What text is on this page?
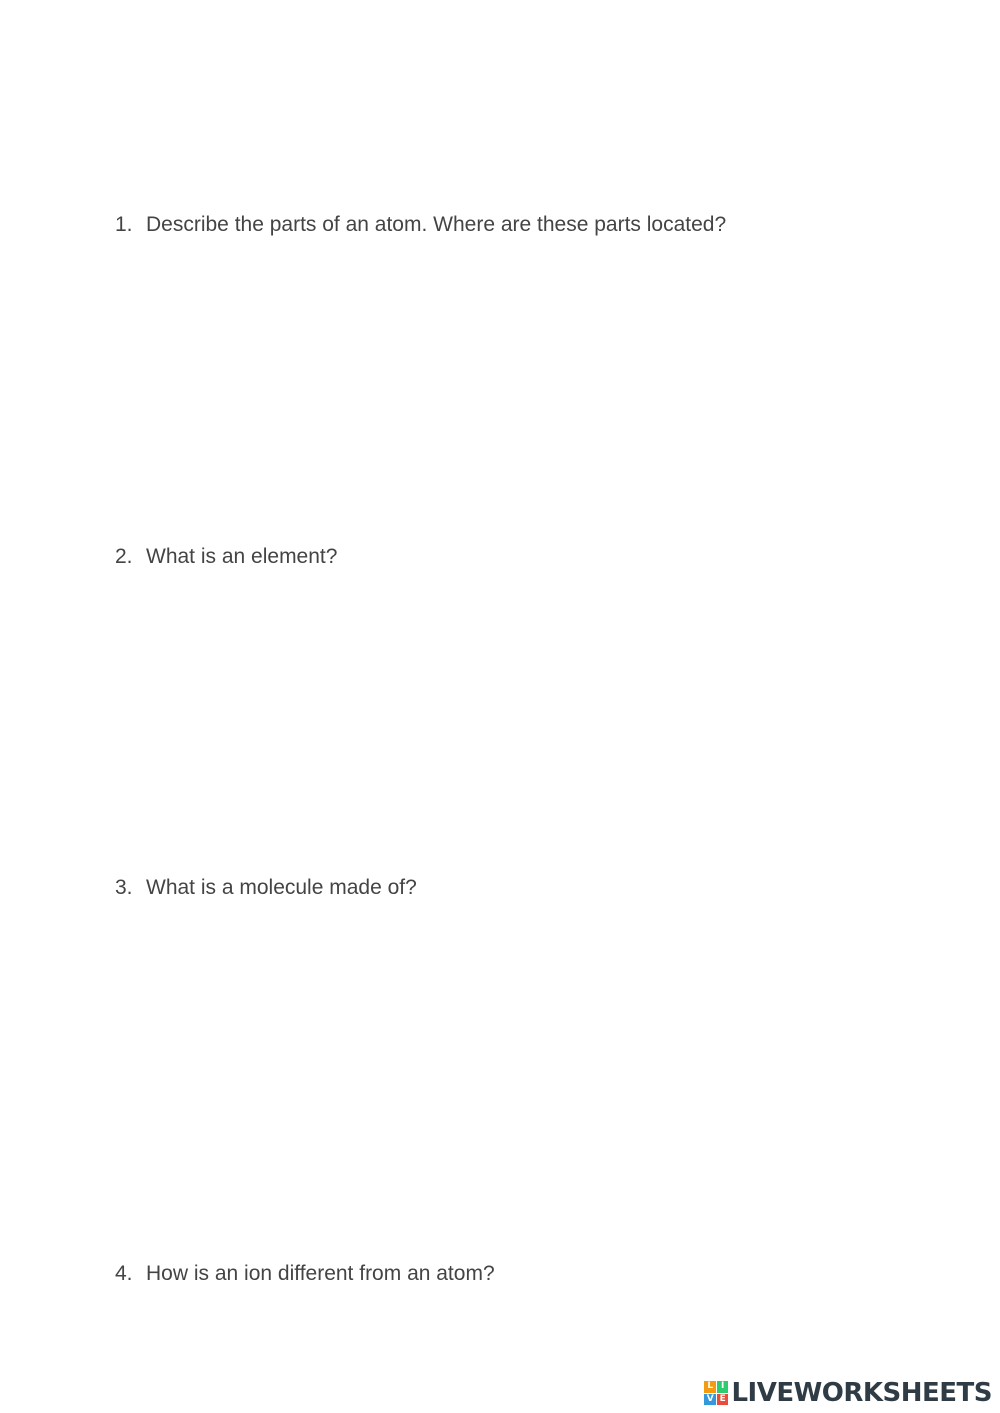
1. Describe the parts of an atom. Where are these parts located?
2. What is an element?
3. What is a molecule made of?
4. How is an ion different from an atom?
L I
V E LIVEWORKSHEETS
